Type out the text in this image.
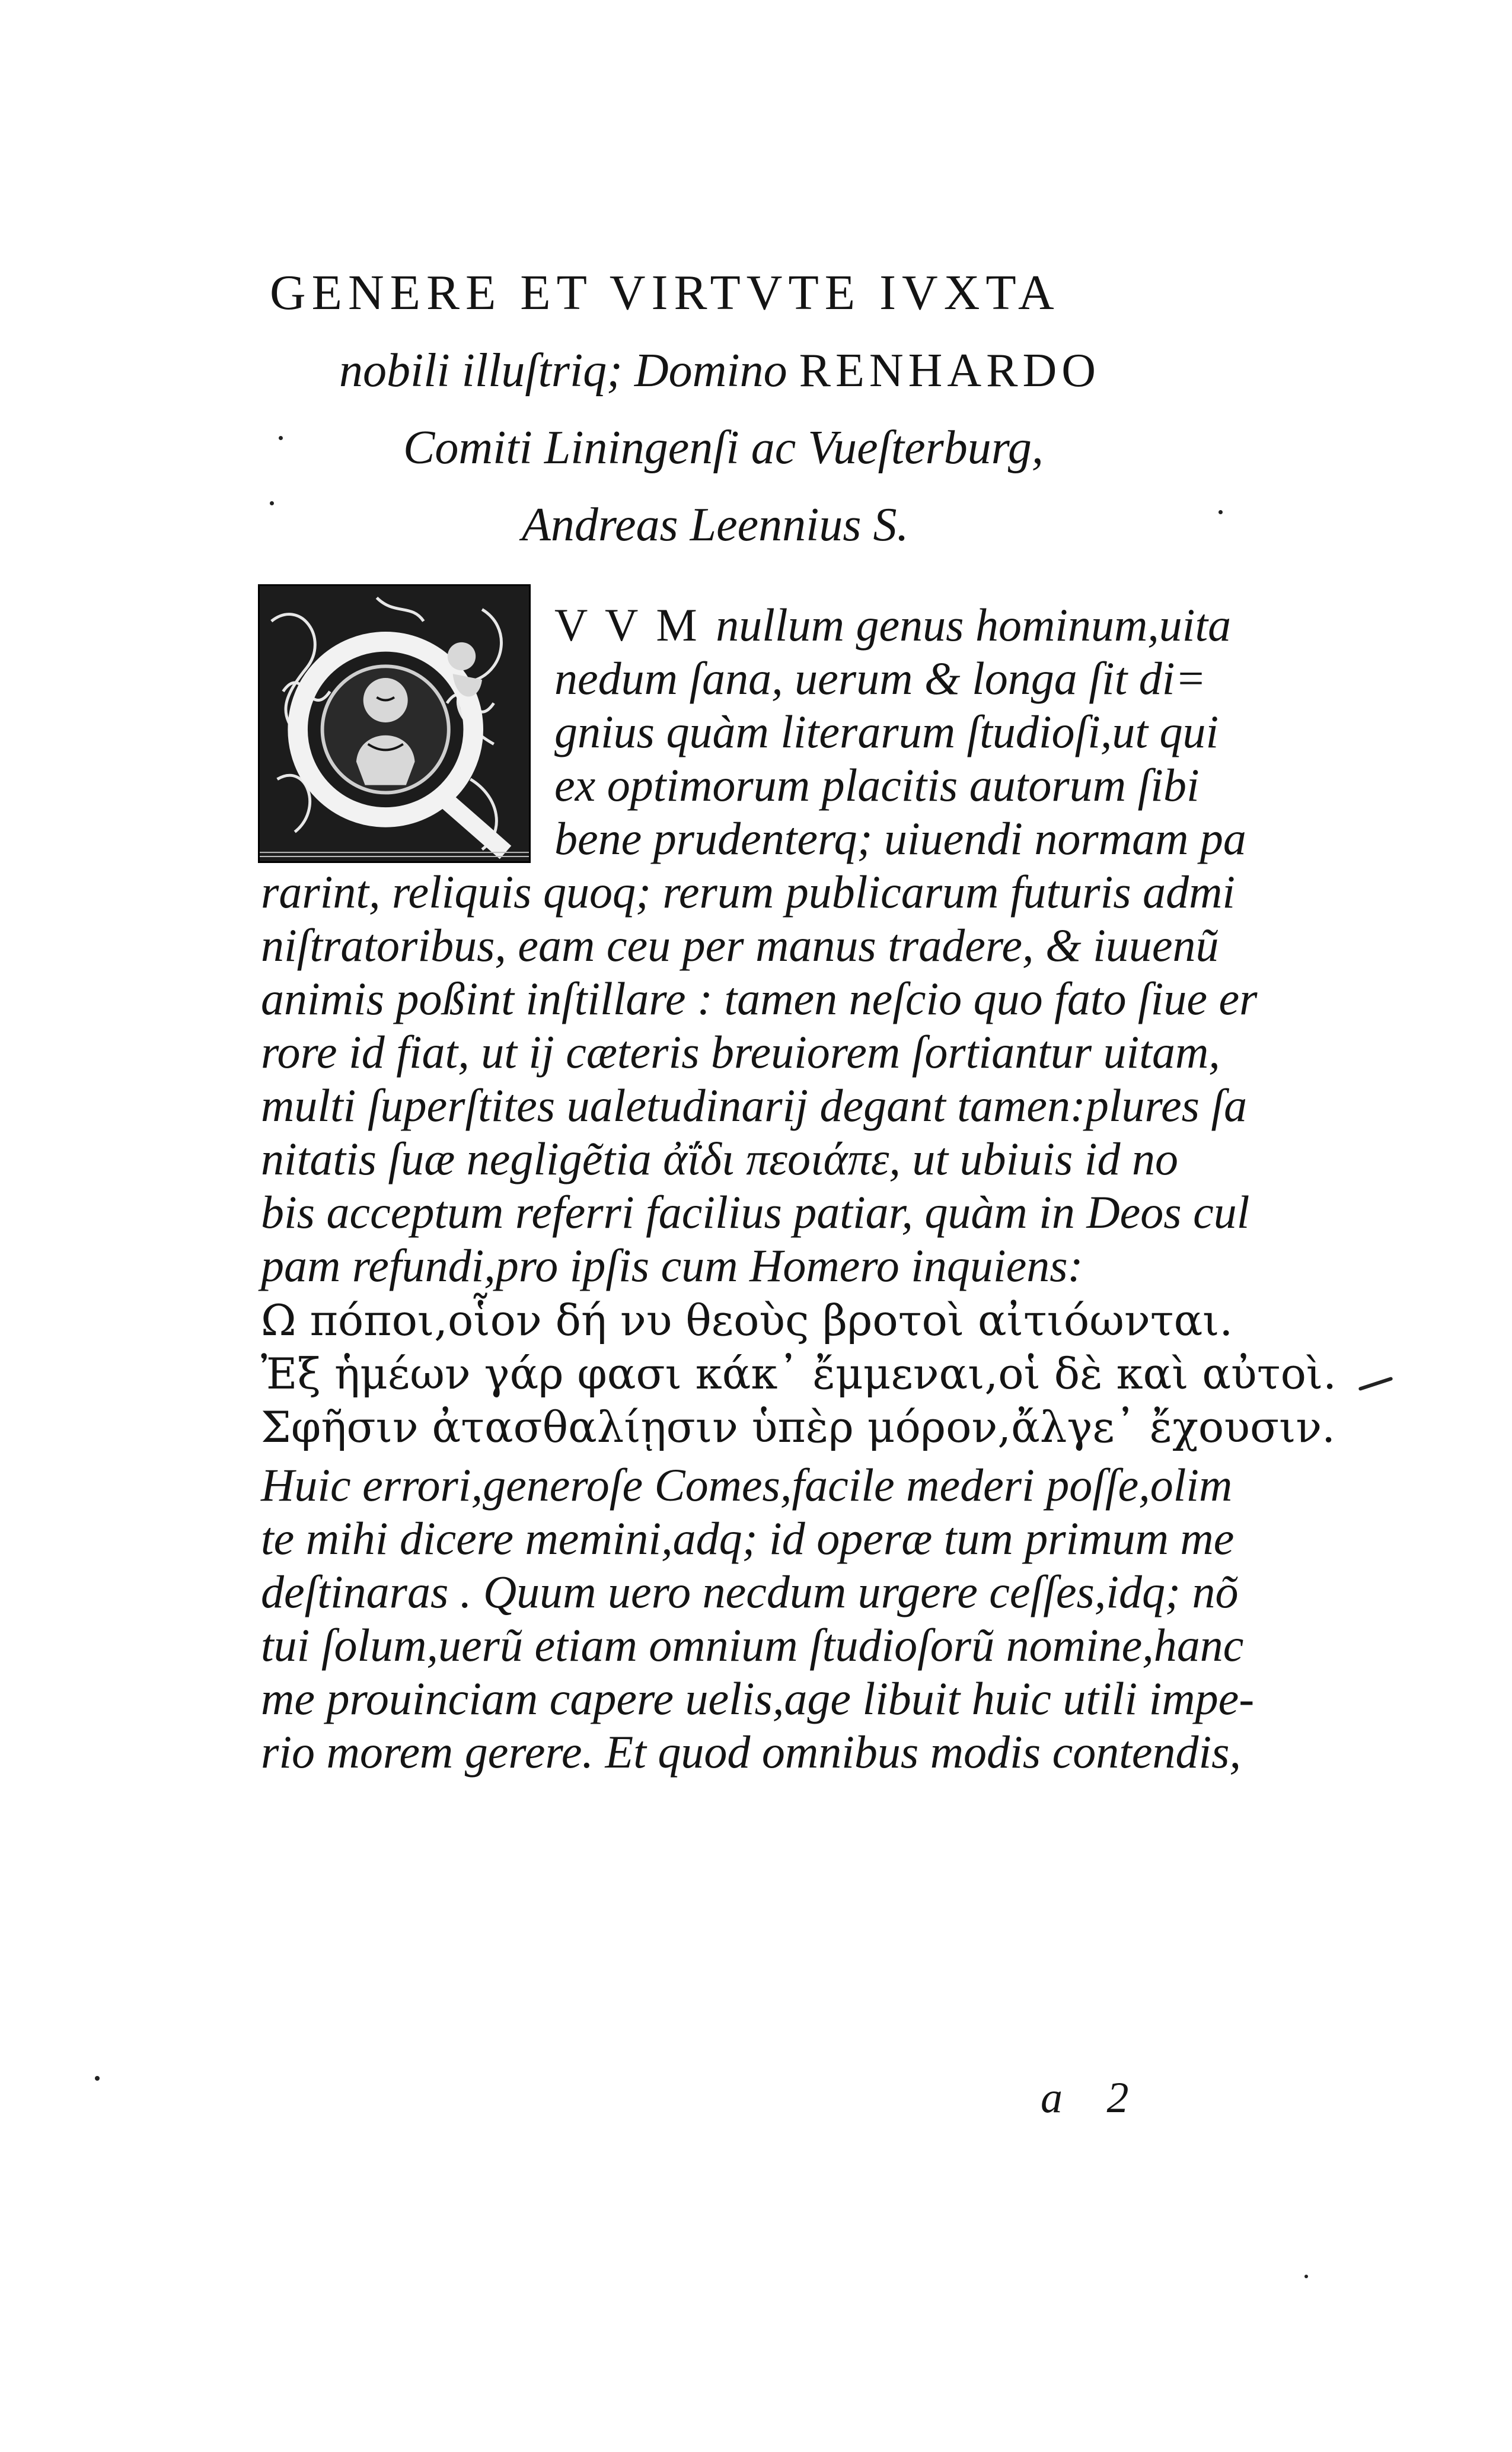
GENERE ET VIRTVTE IVXTA
nobili illuſtriq; Domino RENHARDO
Comiti Liningenſi ac Vueſterburg,
Andreas Leennius S.
V V M nullum genus hominum,uita
nedum ſana, uerum & longa ſit di=
gnius quàm literarum ſtudioſi,ut qui
ex optimorum placitis autorum ſibi
bene prudenterq; uiuendi normam pa
rarint, reliquis quoq; rerum publicarum futuris admi
niſtratoribus, eam ceu per manus tradere, & iuuenũ
animis poßint inſtillare : tamen neſcio quo fato ſiue er
rore id fiat, ut ij cæteris breuiorem ſortiantur uitam,
multi ſuperſtites ualetudinarij degant tamen:plures ſa
nitatis ſuæ negligẽtia ἀΐδι πεοιάπε, ut ubiuis id no
bis acceptum referri facilius patiar, quàm in Deos cul
pam refundi,pro ipſis cum Homero inquiens:
Ω πόποι,οἷον δή νυ θεοὺς βροτοὶ αἰτιόωνται.
Ἐξ ἡμέων γάρ φασι κάκ᾽ ἔμμεναι,οἱ δὲ καὶ αὐτοὶ.
Σφῆσιν ἀτασθαλίῃσιν ὑπὲρ μόρον,ἄλγε᾽ ἔχουσιν.
Huic errori,generoſe Comes,facile mederi poſſe,olim
te mihi dicere memini,adq; id operæ tum primum me
deſtinaras . Quum uero necdum urgere ceſſes,idq; nõ
tui ſolum,uerũ etiam omnium ſtudioſorũ nomine,hanc
me prouinciam capere uelis,age libuit huic utili impe-
rio morem gerere. Et quod omnibus modis contendis,
a 2
